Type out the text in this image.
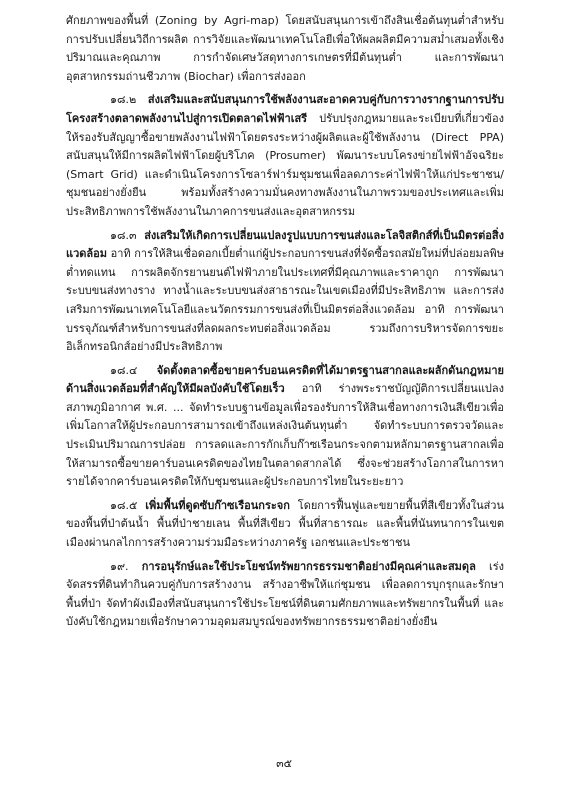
ศักยภาพของพื้นที่ (Zoning by Agri-map) โดยสนับสนุนการเข้าถึงสินเชื่อต้นทุนต่ำสำหรับการปรับเปลี่ยนวิถีการผลิต การวิจัยและพัฒนาเทคโนโลยีเพื่อให้ผลผลิตมีความสม่ำเสมอทั้งเชิงปริมาณและคุณภาพ การกำจัดเศษวัสดุทางการเกษตรที่มีต้นทุนต่ำ และการพัฒนาอุตสาหกรรมถ่านชีวภาพ (Biochar) เพื่อการส่งออก

๑๘.๒ ส่งเสริมและสนับสนุนการใช้พลังงานสะอาดควบคู่กับการวางรากฐานการปรับโครงสร้างตลาดพลังงานไปสู่การเปิดตลาดไฟฟ้าเสรี ปรับปรุงกฎหมายและระเบียบที่เกี่ยวข้องให้รองรับสัญญาซื้อขายพลังงานไฟฟ้าโดยตรงระหว่างผู้ผลิตและผู้ใช้พลังงาน (Direct PPA) สนับสนุนให้มีการผลิตไฟฟ้าโดยผู้บริโภค (Prosumer) พัฒนาระบบโครงข่ายไฟฟ้าอัจฉริยะ (Smart Grid) และดำเนินโครงการโซลาร์ฟาร์มชุมชนเพื่อลดภาระค่าไฟฟ้าให้แก่ประชาชน/ชุมชนอย่างยั่งยืน พร้อมทั้งสร้างความมั่นคงทางพลังงานในภาพรวมของประเทศและเพิ่มประสิทธิภาพการใช้พลังงานในภาคการขนส่งและอุตสาหกรรม

๑๘.๓ ส่งเสริมให้เกิดการเปลี่ยนแปลงรูปแบบการขนส่งและโลจิสติกส์ที่เป็นมิตรต่อสิ่งแวดล้อม อาทิ การให้สินเชื่อดอกเบี้ยต่ำแก่ผู้ประกอบการขนส่งที่จัดซื้อรถสมัยใหม่ที่ปล่อยมลพิษต่ำทดแทน การผลิตจักรยานยนต์ไฟฟ้าภายในประเทศที่มีคุณภาพและราคาถูก การพัฒนาระบบขนส่งทางราง ทางน้ำและระบบขนส่งสาธารณะในเขตเมืองที่มีประสิทธิภาพ และการส่งเสริมการพัฒนาเทคโนโลยีและนวัตกรรมการขนส่งที่เป็นมิตรต่อสิ่งแวดล้อม อาทิ การพัฒนาบรรจุภัณฑ์สำหรับการขนส่งที่ลดผลกระทบต่อสิ่งแวดล้อม รวมถึงการบริหารจัดการขยะอิเล็กทรอนิกส์อย่างมีประสิทธิภาพ

๑๘.๔ จัดตั้งตลาดซื้อขายคาร์บอนเครดิตที่ได้มาตรฐานสากลและผลักดันกฎหมายด้านสิ่งแวดล้อมที่สำคัญให้มีผลบังคับใช้โดยเร็ว อาทิ ร่างพระราชบัญญัติการเปลี่ยนแปลงสภาพภูมิอากาศ พ.ศ. ... จัดทำระบบฐานข้อมูลเพื่อรองรับการให้สินเชื่อทางการเงินสีเขียวเพื่อเพิ่มโอกาสให้ผู้ประกอบการสามารถเข้าถึงแหล่งเงินต้นทุนต่ำ จัดทำระบบการตรวจวัดและประเมินปริมาณการปล่อย การลดและการกักเก็บก๊าซเรือนกระจกตามหลักมาตรฐานสากลเพื่อให้สามารถซื้อขายคาร์บอนเครดิตของไทยในตลาดสากลได้ ซึ่งจะช่วยสร้างโอกาสในการหารายได้จากคาร์บอนเครดิตให้กับชุมชนและผู้ประกอบการไทยในระยะยาว

๑๘.๕ เพิ่มพื้นที่ดูดซับก๊าซเรือนกระจก โดยการฟื้นฟูและขยายพื้นที่สีเขียวทั้งในส่วนของพื้นที่ป่าต้นน้ำ พื้นที่ป่าชายเลน พื้นที่สีเขียว พื้นที่สาธารณะ และพื้นที่นันทนาการในเขตเมืองผ่านกลไกการสร้างความร่วมมือระหว่างภาครัฐ เอกชนและประชาชน

๑๙. การอนุรักษ์และใช้ประโยชน์ทรัพยากรธรรมชาติอย่างมีคุณค่าและสมดุล เร่งจัดสรรที่ดินทำกินควบคู่กับการสร้างงาน สร้างอาชีพให้แก่ชุมชน เพื่อลดการบุกรุกและรักษาพื้นที่ป่า จัดทำผังเมืองที่สนับสนุนการใช้ประโยชน์ที่ดินตามศักยภาพและทรัพยากรในพื้นที่ และบังคับใช้กฎหมายเพื่อรักษาความอุดมสมบูรณ์ของทรัพยากรธรรมชาติอย่างยั่งยืน

๓๕
